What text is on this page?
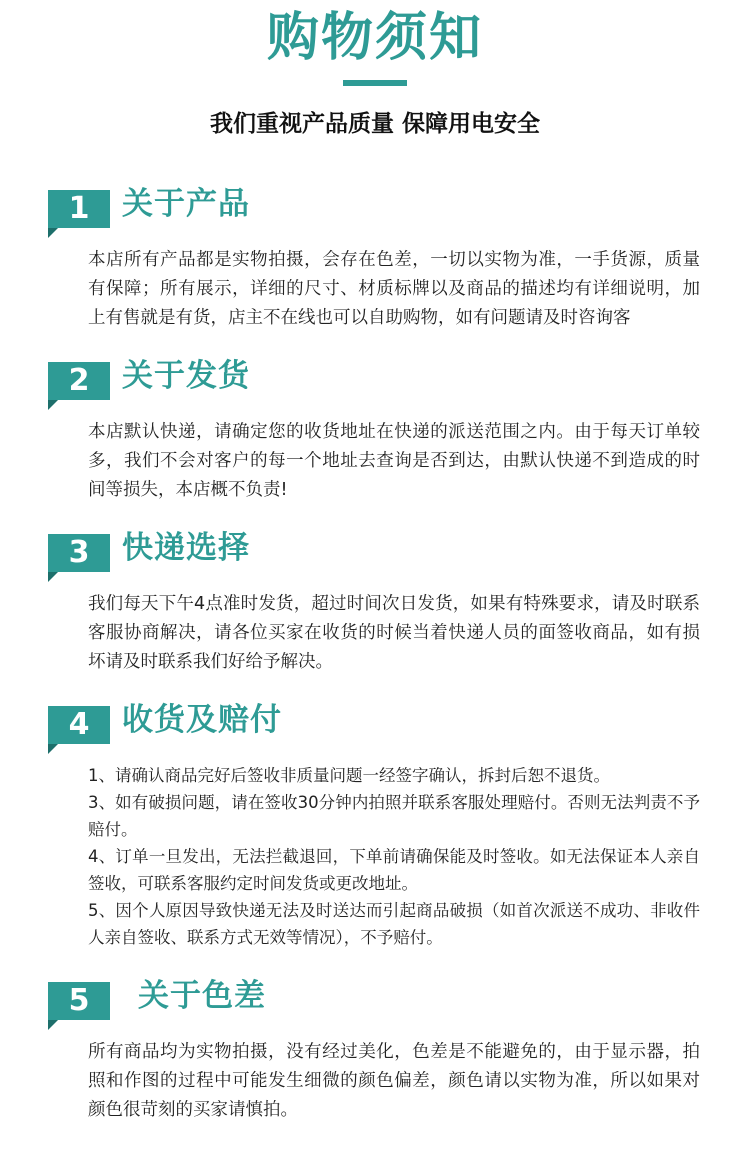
购物须知
我们重视产品质量 保障用电安全
1	关于产品

本店所有产品都是实物拍摄，会存在色差，一切以实物为准，一手货源，质量有保障；所有展示，详细的尺寸、材质标牌以及商品的描述均有详细说明，加上有售就是有货，店主不在线也可以自助购物，如有问题请及时咨询客

2	关于发货

本店默认快递，请确定您的收货地址在快递的派送范围之内。由于每天订单较多，我们不会对客户的每一个地址去查询是否到达，由默认快递不到造成的时间等损失，本店概不负责!

3	快递选择

我们每天下午4点准时发货，超过时间次日发货，如果有特殊要求，请及时联系客服协商解决，请各位买家在收货的时候当着快递人员的面签收商品，如有损坏请及时联系我们好给予解决。

4	收货及赔付

1、请确认商品完好后签收非质量问题一经签字确认，拆封后恕不退货。

3、如有破损问题，请在签收30分钟内拍照并联系客服处理赔付。否则无法判责不予赔付。

4、订单一旦发出，无法拦截退回，下单前请确保能及时签收。如无法保证本人亲自签收，可联系客服约定时间发货或更改地址。

5、因个人原因导致快递无法及时送达而引起商品破损（如首次派送不成功、非收件人亲自签收、联系方式无效等情况），不予赔付。

5	关于色差

所有商品均为实物拍摄，没有经过美化，色差是不能避免的，由于显示器，拍照和作图的过程中可能发生细微的颜色偏差，颜色请以实物为准，所以如果对颜色很苛刻的买家请慎拍。
